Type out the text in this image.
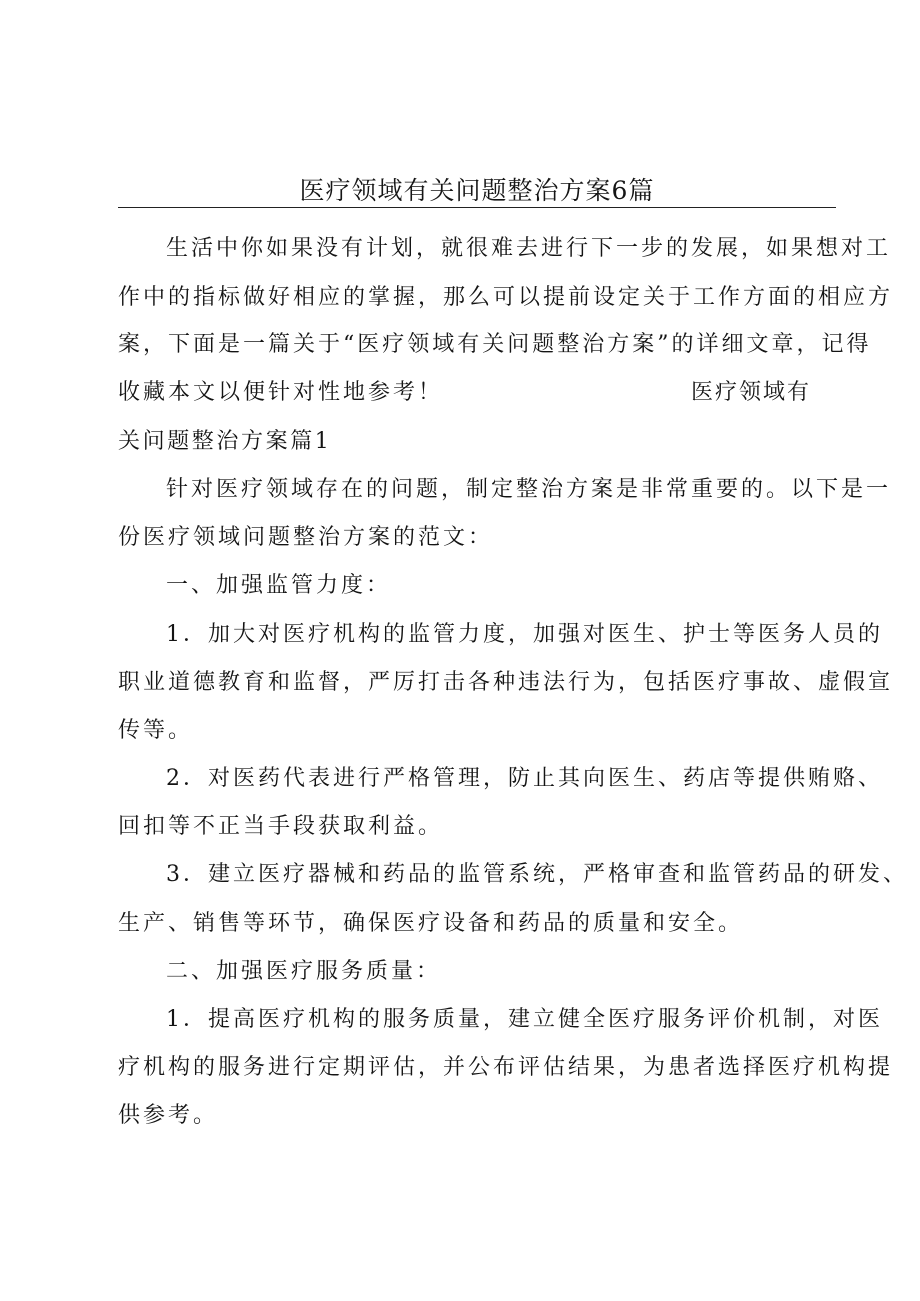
医疗领域有关问题整治方案6篇
生活中你如果没有计划，就很难去进行下一步的发展，如果想对工
作中的指标做好相应的掌握，那么可以提前设定关于工作方面的相应方
案，下面是一篇关于“医疗领域有关问题整治方案”的详细文章，记得
收藏本文以便针对性地参考！	医疗领域有
关问题整治方案篇1
针对医疗领域存在的问题，制定整治方案是非常重要的。以下是一
份医疗领域问题整治方案的范文：
一、加强监管力度：
1．加大对医疗机构的监管力度，加强对医生、护士等医务人员的
职业道德教育和监督，严厉打击各种违法行为，包括医疗事故、虚假宣
传等。
2．对医药代表进行严格管理，防止其向医生、药店等提供贿赂、
回扣等不正当手段获取利益。
3．建立医疗器械和药品的监管系统，严格审查和监管药品的研发、
生产、销售等环节，确保医疗设备和药品的质量和安全。
二、加强医疗服务质量：
1．提高医疗机构的服务质量，建立健全医疗服务评价机制，对医
疗机构的服务进行定期评估，并公布评估结果，为患者选择医疗机构提
供参考。
